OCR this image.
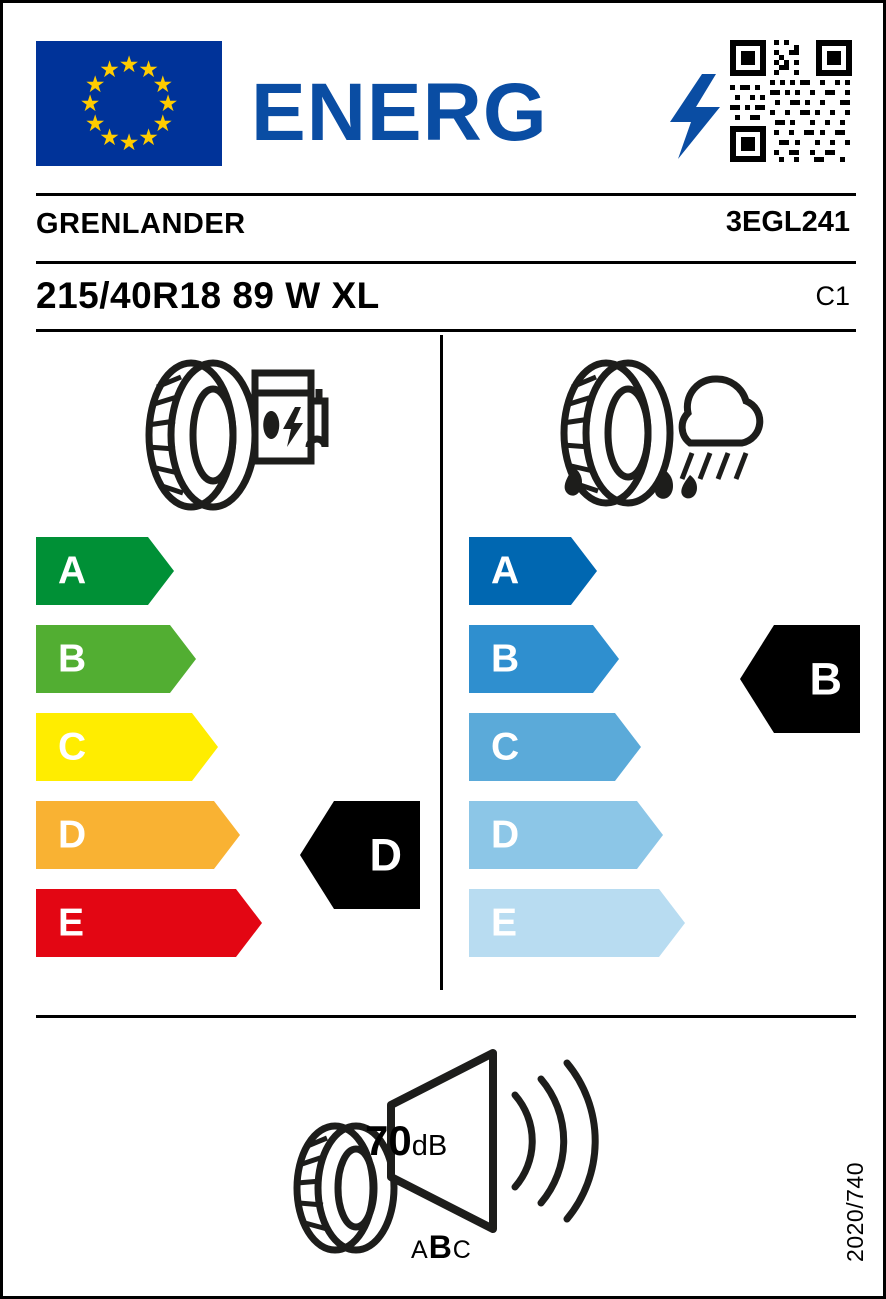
★
★
★
★
★
★
★
★
★
★
★
★ ENERG
GRENLANDER	3EGL241
215/40R18 89 W XL	C1
A
B
C
D
E
D
A
B
C
D
E
B
70dB
ABC	2020/740
